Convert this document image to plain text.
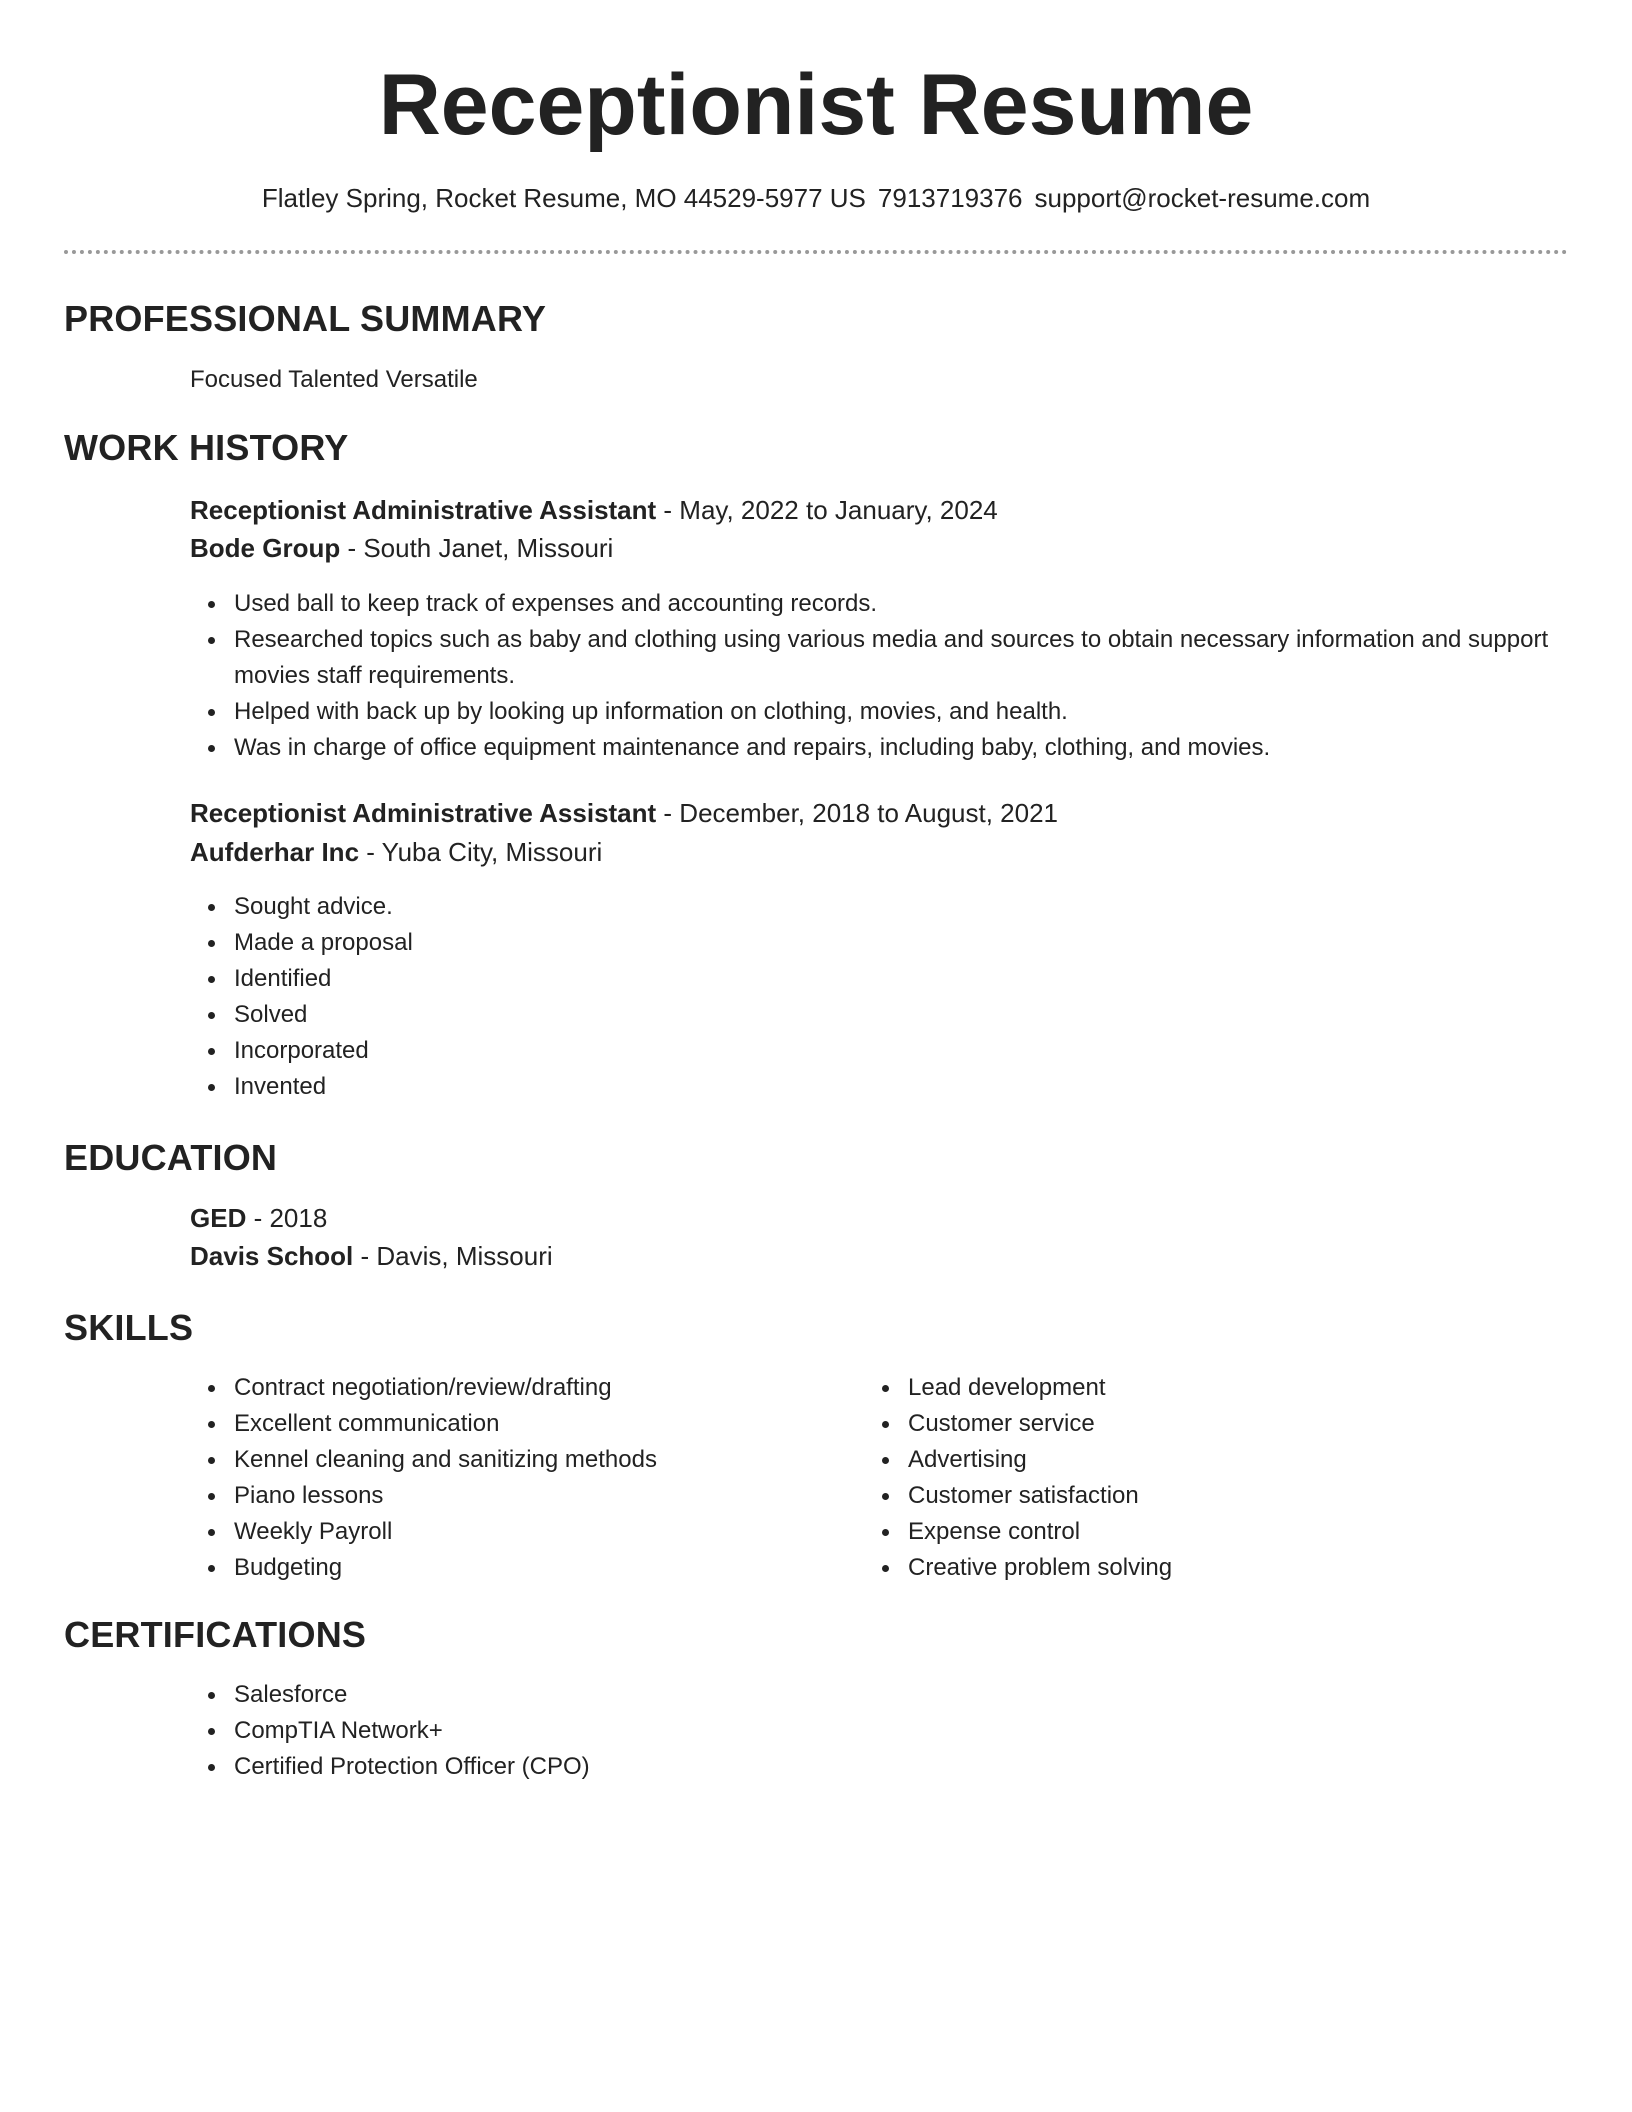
Receptionist Resume
Flatley Spring, Rocket Resume, MO 44529-5977 US 7913719376 support@rocket-resume.com
PROFESSIONAL SUMMARY
Focused Talented Versatile
WORK HISTORY
Receptionist Administrative Assistant - May, 2022 to January, 2024
Bode Group - South Janet, Missouri
Used ball to keep track of expenses and accounting records.
Researched topics such as baby and clothing using various media and sources to obtain necessary information and support movies staff requirements.
Helped with back up by looking up information on clothing, movies, and health.
Was in charge of office equipment maintenance and repairs, including baby, clothing, and movies.
Receptionist Administrative Assistant - December, 2018 to August, 2021
Aufderhar Inc - Yuba City, Missouri
Sought advice.
Made a proposal
Identified
Solved
Incorporated
Invented
EDUCATION
GED - 2018
Davis School - Davis, Missouri
SKILLS
Contract negotiation/review/drafting
Excellent communication
Kennel cleaning and sanitizing methods
Piano lessons
Weekly Payroll
Budgeting
Lead development
Customer service
Advertising
Customer satisfaction
Expense control
Creative problem solving
CERTIFICATIONS
Salesforce
CompTIA Network+
Certified Protection Officer (CPO)
